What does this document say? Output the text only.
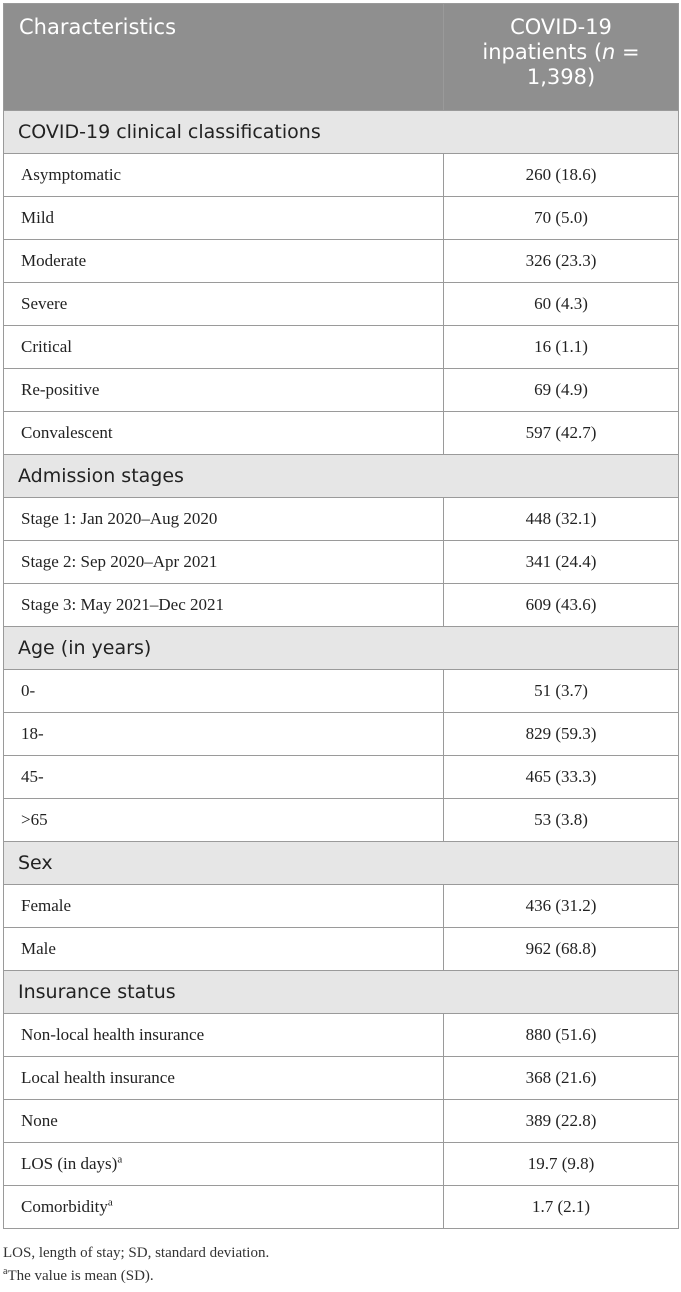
Characteristics	COVID-19
inpatients (n =
1,398)
COVID-19 clinical classifications	
Asymptomatic	260 (18.6)
Mild	70 (5.0)
Moderate	326 (23.3)
Severe	60 (4.3)
Critical	16 (1.1)
Re-positive	69 (4.9)
Convalescent	597 (42.7)
Admission stages	
Stage 1: Jan 2020–Aug 2020	448 (32.1)
Stage 2: Sep 2020–Apr 2021	341 (24.4)
Stage 3: May 2021–Dec 2021	609 (43.6)
Age (in years)	
0-	51 (3.7)
18-	829 (59.3)
45-	465 (33.3)
>65	53 (3.8)
Sex	
Female	436 (31.2)
Male	962 (68.8)
Insurance status	
Non-local health insurance	880 (51.6)
Local health insurance	368 (21.6)
None	389 (22.8)
LOS (in days)$^a$	19.7 (9.8)
Comorbidity$^a$	1.7 (2.1)
LOS, length of stay; SD, standard deviation.
$^a$The value is mean (SD).
